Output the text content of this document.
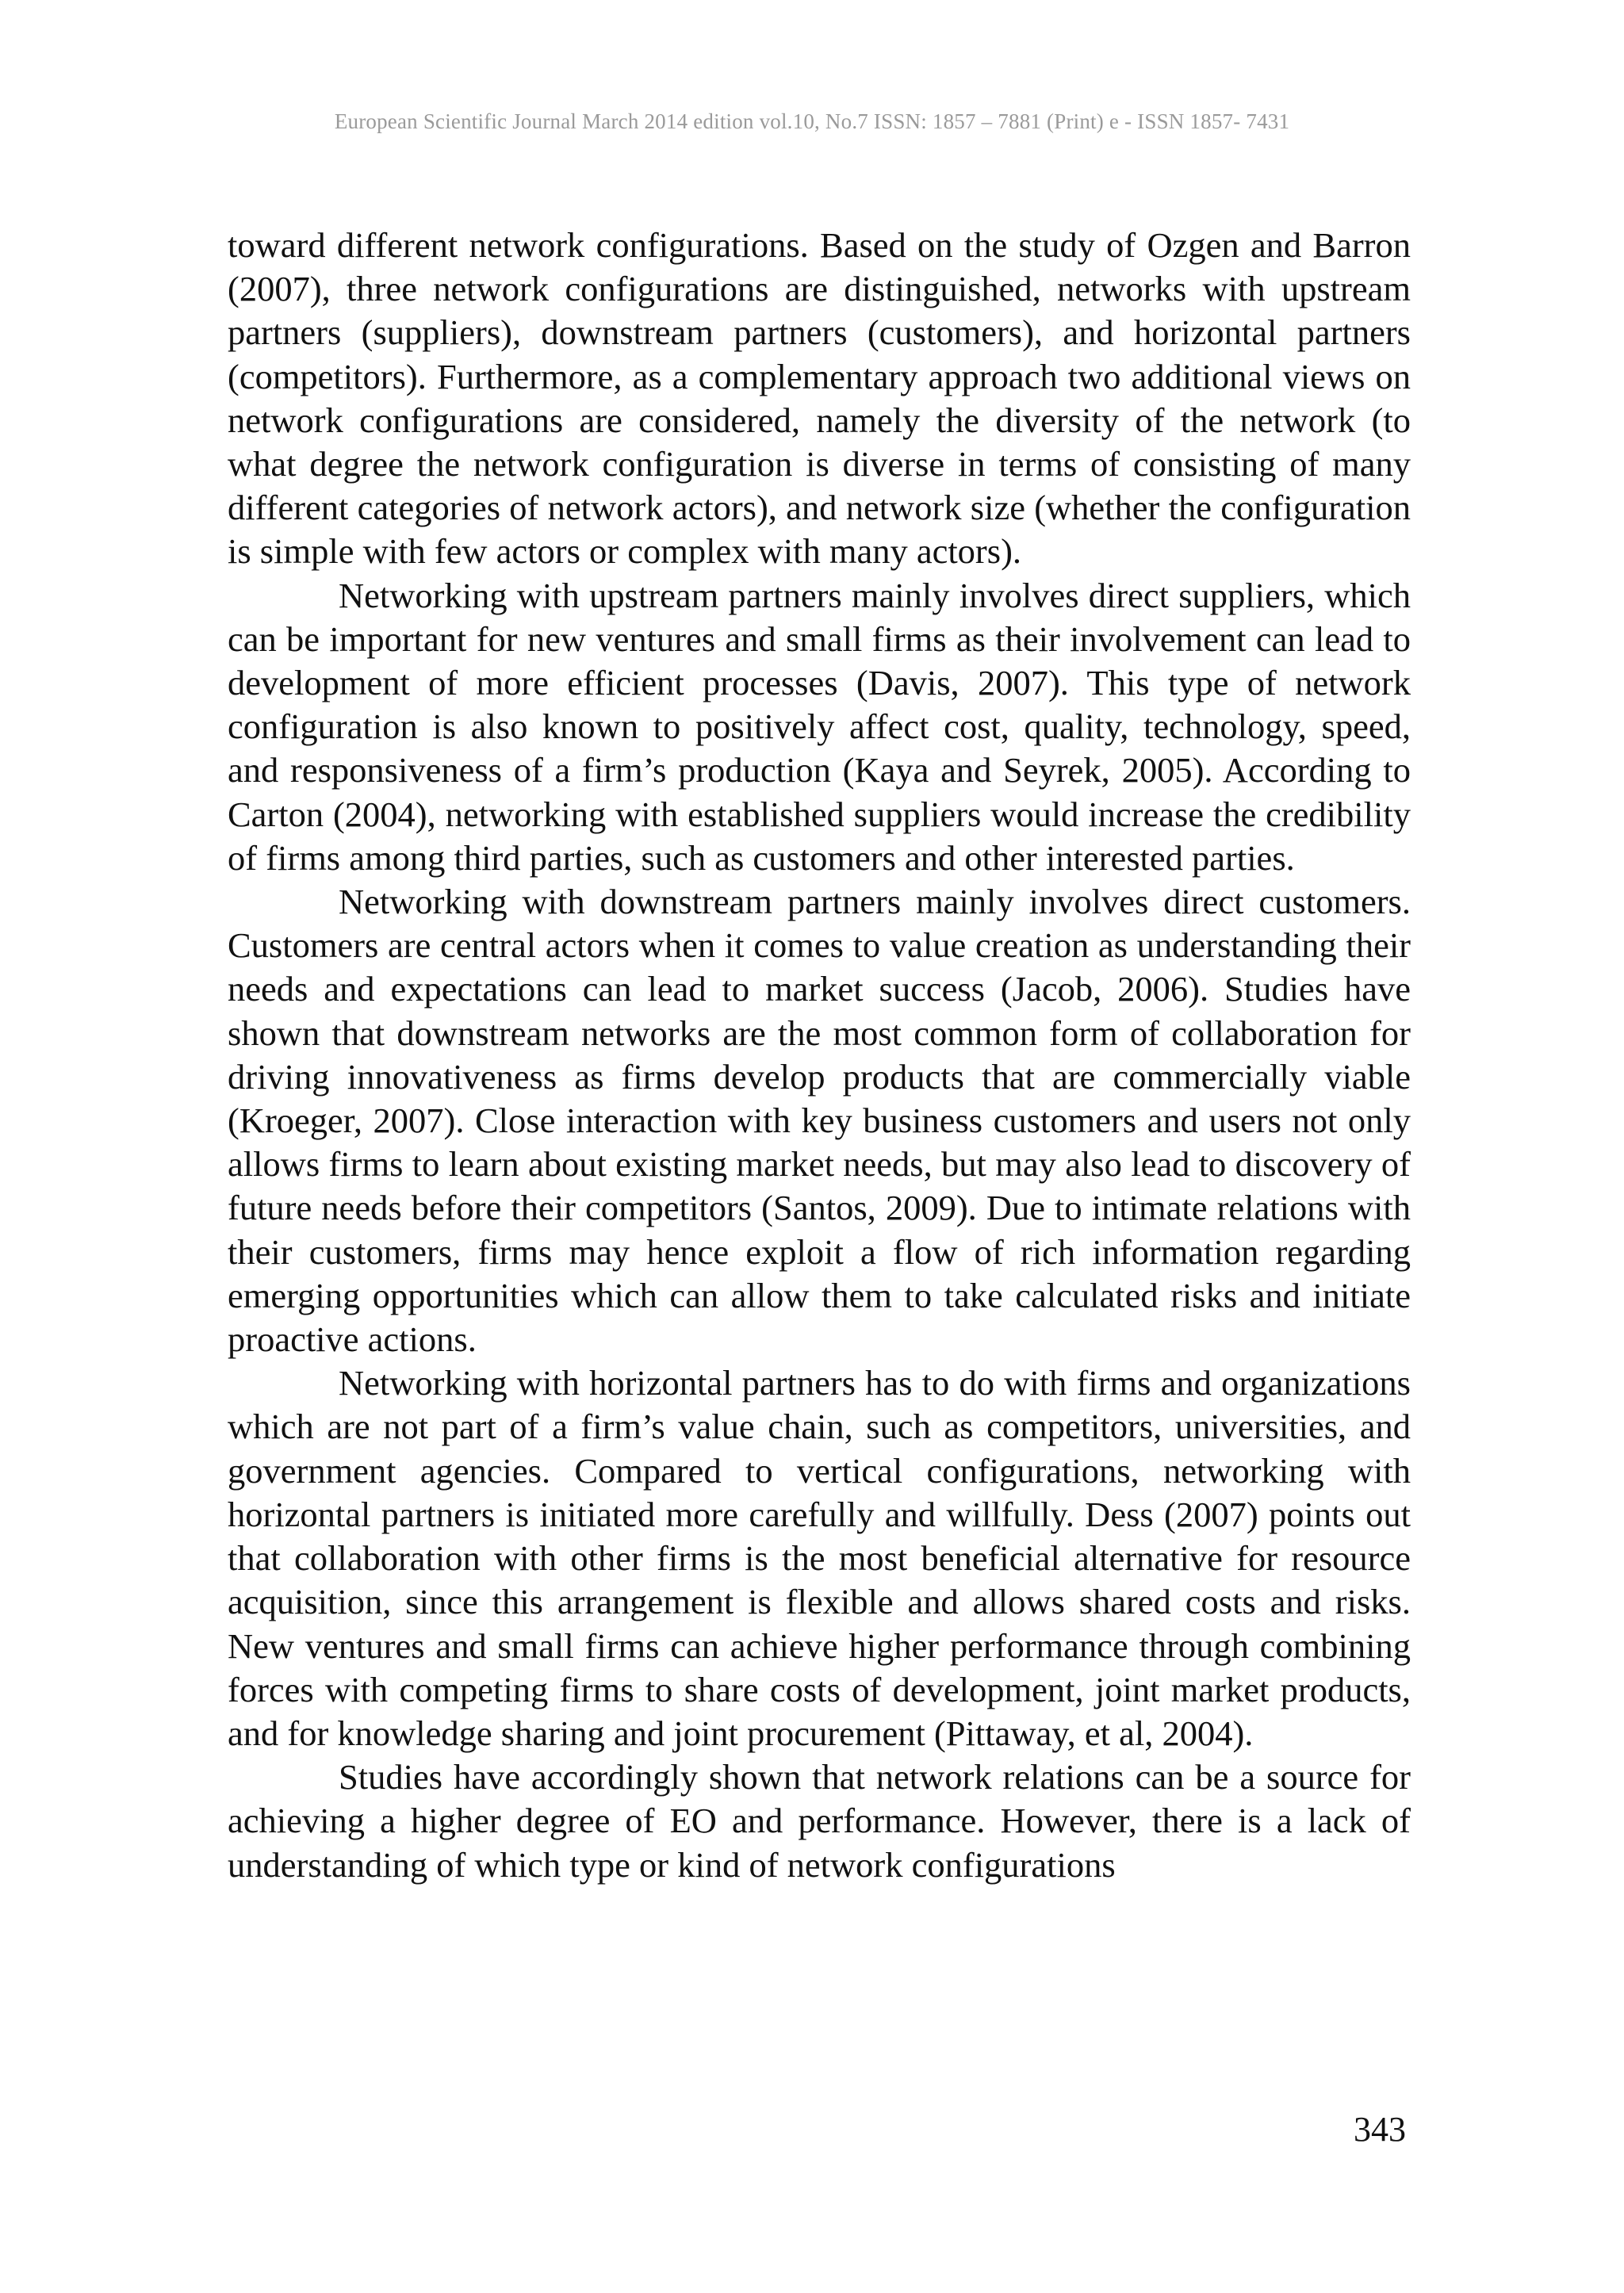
European Scientific Journal March 2014 edition vol.10, No.7 ISSN: 1857 – 7881 (Print) e - ISSN 1857- 7431

toward different network configurations. Based on the study of Ozgen and Barron (2007), three network configurations are distinguished, networks with upstream partners (suppliers), downstream partners (customers), and horizontal partners (competitors). Furthermore, as a complementary approach two additional views on network configurations are considered, namely the diversity of the network (to what degree the network configuration is diverse in terms of consisting of many different categories of network actors), and network size (whether the configuration is simple with few actors or complex with many actors).

Networking with upstream partners mainly involves direct suppliers, which can be important for new ventures and small firms as their involvement can lead to development of more efficient processes (Davis, 2007). This type of network configuration is also known to positively affect cost, quality, technology, speed, and responsiveness of a firm’s production (Kaya and Seyrek, 2005). According to Carton (2004), networking with established suppliers would increase the credibility of firms among third parties, such as customers and other interested parties.

Networking with downstream partners mainly involves direct customers. Customers are central actors when it comes to value creation as understanding their needs and expectations can lead to market success (Jacob, 2006). Studies have shown that downstream networks are the most common form of collaboration for driving innovativeness as firms develop products that are commercially viable (Kroeger, 2007). Close interaction with key business customers and users not only allows firms to learn about existing market needs, but may also lead to discovery of future needs before their competitors (Santos, 2009). Due to intimate relations with their customers, firms may hence exploit a flow of rich information regarding emerging opportunities which can allow them to take calculated risks and initiate proactive actions.

Networking with horizontal partners has to do with firms and organizations which are not part of a firm’s value chain, such as competitors, universities, and government agencies. Compared to vertical configurations, networking with horizontal partners is initiated more carefully and willfully. Dess (2007) points out that collaboration with other firms is the most beneficial alternative for resource acquisition, since this arrangement is flexible and allows shared costs and risks. New ventures and small firms can achieve higher performance through combining forces with competing firms to share costs of development, joint market products, and for knowledge sharing and joint procurement (Pittaway, et al, 2004).

Studies have accordingly shown that network relations can be a source for achieving a higher degree of EO and performance. However, there is a lack of understanding of which type or kind of network configurations

343
